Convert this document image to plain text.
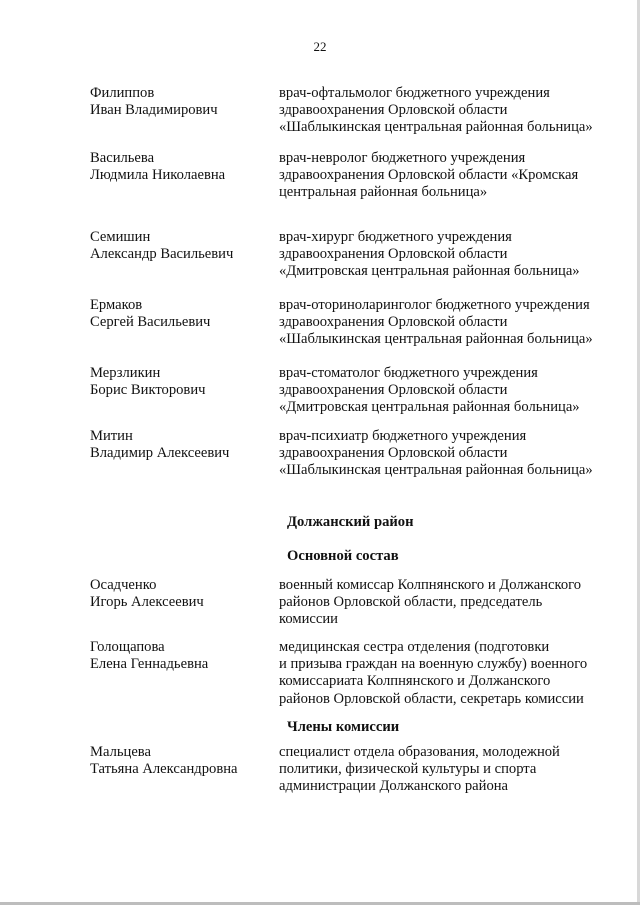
22
Филиппов
Иван Владимирович
врач-офтальмолог бюджетного учреждения
здравоохранения Орловской области
«Шаблыкинская центральная районная больница»
Васильева
Людмила Николаевна
врач-невролог бюджетного учреждения
здравоохранения Орловской области «Кромская
центральная районная больница»
Семишин
Александр Васильевич
врач-хирург бюджетного учреждения
здравоохранения Орловской области
«Дмитровская центральная районная больница»
Ермаков
Сергей Васильевич
врач-оториноларинголог бюджетного учреждения
здравоохранения Орловской области
«Шаблыкинская центральная районная больница»
Мерзликин
Борис Викторович
врач-стоматолог бюджетного учреждения
здравоохранения Орловской области
«Дмитровская центральная районная больница»
Митин
Владимир Алексеевич
врач-психиатр бюджетного учреждения
здравоохранения Орловской области
«Шаблыкинская центральная районная больница»
Должанский район
Основной состав
Осадченко
Игорь Алексеевич
военный комиссар Колпнянского и Должанского
районов Орловской области, председатель
комиссии
Голощапова
Елена Геннадьевна
медицинская сестра отделения (подготовки
и призыва граждан на военную службу) военного
комиссариата Колпнянского и Должанского
районов Орловской области, секретарь комиссии
Члены комиссии
Мальцева
Татьяна Александровна
специалист отдела образования, молодежной
политики, физической культуры и спорта
администрации Должанского района
